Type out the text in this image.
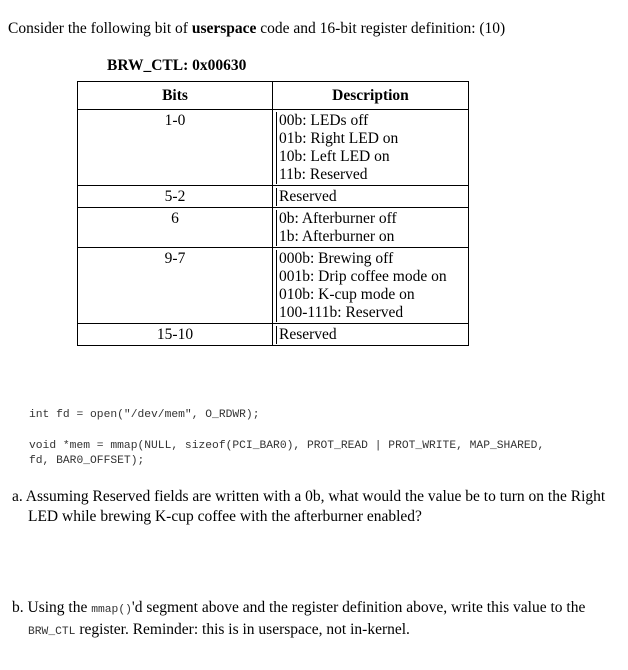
Consider the following bit of userspace code and 16-bit register definition: (10)
BRW_CTL: 0x00630
Bits	Description
1-0	00b: LEDs off
01b: Right LED on
10b: Left LED on
11b: Reserved

5-2	Reserved

6	0b: Afterburner off
1b: Afterburner on

9-7	000b: Brewing off
001b: Drip coffee mode on
010b: K-cup mode on
100-111b: Reserved

15-10	Reserved
int fd = open("/dev/mem", O_RDWR);
void *mem = mmap(NULL, sizeof(PCI_BAR0), PROT_READ | PROT_WRITE, MAP_SHARED,
fd, BAR0_OFFSET);
a. Assuming Reserved fields are written with a 0b, what would the value be to turn on the Right
LED while brewing K-cup coffee with the afterburner enabled?
b. Using the mmap()'d segment above and the register definition above, write this value to the
BRW_CTL register. Reminder: this is in userspace, not in-kernel.
